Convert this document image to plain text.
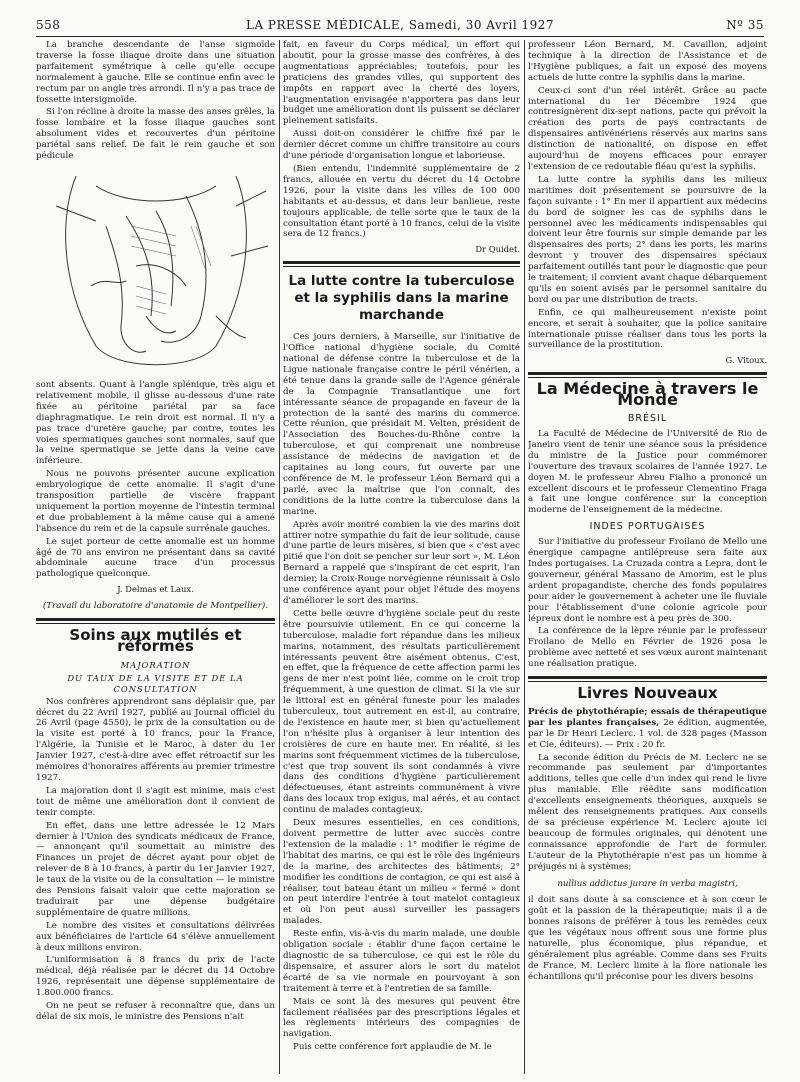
558	LA PRESSE MÉDICALE, Samedi, 30 Avril 1927	Nº 35

La branche descendante de l'anse sigmoïde traverse la fosse iliaque droite dans une situation parfaitement symétrique à celle qu'elle occupe normalement à gauche. Elle se continue enfin avec le rectum par un angle très arrondi. Il n'y a pas trace de fossette intersigmoïde.

Si l'on récline à droite la masse des anses grêles, la fosse lombaire et la fosse iliaque gauches sont absolument vides et recouvertes d'un péritoine pariétal sans relief. De fait le rein gauche et son pédicule

sont absents. Quant à l'angle splénique, très aigu et relativement mobile, il glisse au-dessous d'une rate fixée au péritoine pariétal par sa face diaphragmatique. Le rein droit est normal. Il n'y a pas trace d'uretère gauche; par contre, toutes les voies spermatiques gauches sont normales, sauf que la veine spermatique se jette dans la veine cave inférieure.

Nous ne pouvons présenter aucune explication embryologique de cette anomalie. Il s'agit d'une transposition partielle de viscère frappant uniquement la portion moyenne de l'intestin terminal et due probablement à la même cause qui a amené l'absence du rein et de la capsule surrénale gauches.

Le sujet porteur de cette anomalie est un homme âgé de 70 ans environ ne présentant dans sa cavité abdominale aucune trace d'un processus pathologique quelconque.

J. Delmas et Laux.
(Travail du laboratoire d'anatomie de Montpellier).
Soins aux mutilés et réformés
MAJORATION
DU TAUX DE LA VISITE ET DE LA CONSULTATION

Nos confrères apprendront sans déplaisir que, par décret du 22 Avril 1927, publié au Journal officiel du 26 Avril (page 4550), le prix de la consultation ou de la visite est porté à 10 francs, pour la France, l'Algérie, la Tunisie et le Maroc, à dater du 1er Janvier 1927, c'est-à-dire avec effet rétroactif sur les mémoires d'honoraires afférents au premier trimestre 1927.

La majoration dont il s'agit est minime, mais c'est tout de même une amélioration dont il convient de tenir compte.

En effet, dans une lettre adressée le 12 Mars dernier à l'Union des syndicats médicaux de France, — annonçant qu'il soumettait au ministre des Finances un projet de décret ayant pour objet de relever de 8 à 10 francs, à partir du 1er Janvier 1927, le taux de la visite ou de la consultation — le ministre des Pensions faisait valoir que cette majoration se traduirait par une dépense budgétaire supplémentaire de quatre millions.

Le nombre des visites et consultations délivrées aux bénéficiaires de l'article 64 s'élève annuellement à deux millions environ.

L'uniformisation à 8 francs du prix de l'acte médical, déjà réalisée par le décret du 14 Octobre 1926, représentait une dépense supplémentaire de 1.800.000 francs.

On ne peut se refuser à reconnaître que, dans un délai de six mois, le ministre des Pensions n'ait

fait, en faveur du Corps médical, un effort qui aboutit, pour la grosse masse des confrères, à des augmentations appréciables; toutefois, pour les praticiens des grandes villes, qui supportent des impôts en rapport avec la cherté des loyers, l'augmentation envisagée n'apportera pas dans leur budget une amélioration dont ils puissent se déclarer pleinement satisfaits.

Aussi doit-on considérer le chiffre fixé par le dernier décret comme un chiffre transitoire au cours d'une période d'organisation longue et laborieuse.

(Bien entendu, l'indemnité supplémentaire de 2 francs, allouée en vertu du décret du 14 Octobre 1926, pour la visite dans les villes de 100 000 habitants et au-dessus, et dans leur banlieue, reste toujours applicable, de telle sorte que le taux de la consultation étant porté à 10 francs, celui de la visite sera de 12 francs.)

Dr Quidet.
La lutte contre la tuberculose et la syphilis dans la marine marchande

Ces jours derniers, à Marseille, sur l'initiative de l'Office national d'hygiène sociale, du Comité national de défense contre la tuberculose et de la Ligue nationale française contre le péril vénérien, a été tenue dans la grande salle de l'Agence générale de la Compagnie Transatlantique une fort intéressante séance de propagande en faveur de la protection de la santé des marins du commerce. Cette réunion, que présidait M. Velten, président de l'Association des Bouches-du-Rhône contre la tuberculose, et qui comprenait une nombreuse assistance de médecins de navigation et de capitaines au long cours, fut ouverte par une conférence de M. le professeur Léon Bernard qui a parlé, avec la maîtrise que l'on connaît, des conditions de la lutte contre la tuberculose dans la marine.

Après avoir montré combien la vie des marins doit attirer notre sympathie du fait de leur solitude, cause d'une partie de leurs misères, si bien que « c'est avec pitié que l'on doit se pencher sur leur sort », M. Léon Bernard a rappelé que s'inspirant de cet esprit, l'an dernier, la Croix-Rouge norvégienne réunissait à Oslo une conférence ayant pour objet l'étude des moyens d'améliorer le sort des marins.

Cette belle œuvre d'hygiène sociale peut du reste être poursuivie utilement. En ce qui concerne la tuberculose, maladie fort répandue dans les milieux marins, notamment, des résultats particulièrement intéressants peuvent être aisément obtenus. C'est, en effet, que la fréquence de cette affection parmi les gens de mer n'est point liée, comme on le croit trop fréquemment, à une question de climat. Si la vie sur le littoral est en général funeste pour les malades tuberculeux, tout autrement en est-il, au contraire, de l'existence en haute mer, si bien qu'actuellement l'on n'hésite plus à organiser à leur intention des croisières de cure en haute mer. En réalité, si les marins sont fréquemment victimes de la tuberculose, c'est que trop souvent ils sont condamnés à vivre dans des conditions d'hygiène particulièrement défectueuses, étant astreints communément à vivre dans des locaux trop exigus, mal aérés, et au contact continu de malades contagieux.

Deux mesures essentielles, en ces conditions, doivent permettre de lutter avec succès contre l'extension de la maladie : 1° modifier le régime de l'habitat des marins, ce qui est le rôle des ingénieurs de la marine, des architectes des bâtiments; 2° modifier les conditions de contagion, ce qui est aisé à réaliser, tout bateau étant un milieu « fermé » dont on peut interdire l'entrée à tout matelot contagieux et où l'on peut aussi surveiller les passagers malades.

Reste enfin, vis-à-vis du marin malade, une double obligation sociale : établir d'une façon certaine le diagnostic de sa tuberculose, ce qui est le rôle du dispensaire, et assurer alors le sort du matelot écarté de sa vie normale en pourvoyant à son traitement à terre et à l'entretien de sa famille.

Mais ce sont là des mesures qui peuvent être facilement réalisées par des prescriptions légales et les règlements intérieurs des compagnies de navigation.

Puis cette conférence fort applaudie de M. le

professeur Léon Bernard, M. Cavaillon, adjoint technique à la direction de l'Assistance et de l'Hygiène publiques, a fait un exposé des moyens actuels de lutte contre la syphilis dans la marine.

Ceux-ci sont d'un réel intérêt. Grâce au pacte international du 1er Décembre 1924 que contresignèrent dix-sept nations, pacte qui prévoit la création des ports de pays contractants de dispensaires antivénériens réservés aux marins sans distinction de nationalité, on dispose en effet aujourd'hui de moyens efficaces pour enrayer l'extension de ce redoutable fléau qu'est la syphilis.

La lutte contre la syphilis dans les milieux maritimes doit présentement se poursuivre de la façon suivante : 1° En mer il appartient aux médecins du bord de soigner les cas de syphilis dans le personnel avec les médicaments indispensables qui doivent leur être fournis sur simple demande par les dispensaires des ports; 2° dans les ports, les marins devront y trouver des dispensaires spéciaux parfaitement outillés tant pour le diagnostic que pour le traitement; il convient avant chaque débarquement qu'ils en soient avisés par le personnel sanitaire du bord ou par une distribution de tracts.

Enfin, ce qui malheureusement n'existe point encore, et serait à souhaiter, que la police sanitaire internationale puisse réaliser dans tous les ports la surveillance de la prostitution.

G. Vitoux.
La Médecine à travers le Monde
BRÉSIL

La Faculté de Médecine de l'Université de Rio de Janeiro vient de tenir une séance sous la présidence du ministre de la Justice pour commémorer l'ouverture des travaux scolaires de l'année 1927. Le doyen M. le professeur Abreu Fialho a prononcé un excellent discours et le professeur Clementino Fraga a fait une longue conférence sur la conception moderne de l'enseignement de la médecine.

INDES PORTUGAISES

Sur l'initiative du professeur Froilano de Mello une énergique campagne antilépreuse sera faite aux Indes portugaises. La Cruzada contra a Lepra, dont le gouverneur, général Massano de Amorim, est le plus ardent propagandiste, cherche des fonds populaires pour aider le gouvernement à acheter une île fluviale pour l'établissement d'une colonie agricole pour lépreux dont le nombre est à peu près de 300.

La conférence de la lèpre réunie par le professeur Froilano de Mello en Février de 1926 posa le problème avec netteté et ses vœux auront maintenant une réalisation pratique.

Livres Nouveaux

Précis de phytothérapie; essais de thérapeutique par les plantes françaises, 2e édition, augmentée, par le Dr Henri Leclerc. 1 vol. de 328 pages (Masson et Cie, éditeurs). — Prix : 20 fr.

La seconde édition du Précis de M. Leclerc ne se recommande pas seulement par d'importantes additions, telles que celle d'un index qui rend le livre plus maniable. Elle réédite sans modification d'excellents enseignements théoriques, auxquels se mêlent des renseignements pratiques. Aux conseils de sa précieuse expérience M. Leclerc ajoute ici beaucoup de formules originales, qui dénotent une connaissance approfondie de l'art de formuler. L'auteur de la Phytothérapie n'est pas un homme à préjugés ni à systèmes;

nullius addictus jurare in verba magistri,

il doit sans doute à sa conscience et à son cœur le goût et la passion de la thérapeutique; mais il a de bonnes raisons de préférer à tous les remèdes ceux que les végétaux nous offrent sous une forme plus naturelle, plus économique, plus répandue, et généralement plus agréable. Comme dans ses Fruits de France, M. Leclerc limite à la flore nationale les échantillons qu'il préconise pour les divers besoins
